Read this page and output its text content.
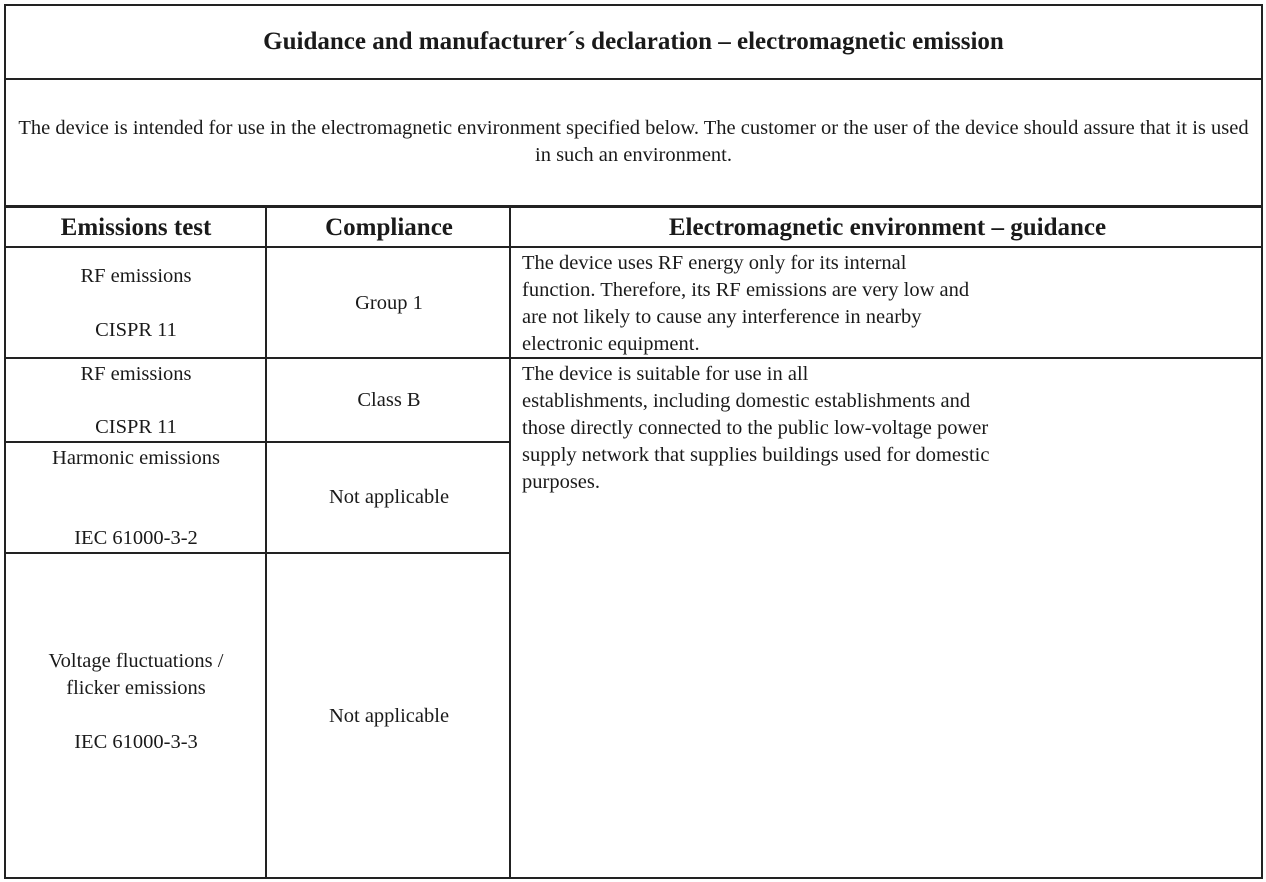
Guidance and manufacturer´s declaration – electromagnetic emission
The device is intended for use in the electromagnetic environment specified below. The customer or the user of the device should assure that it is used in such an environment.
Emissions test	Compliance	Electromagnetic environment – guidance
RF emissions
CISPR 11
Group 1
The device uses RF energy only for its internal
function. Therefore, its RF emissions are very low and
are not likely to cause any interference in nearby
electronic equipment.
RF emissions
CISPR 11
Class B
The device is suitable for use in all
establishments, including domestic establishments and
those directly connected to the public low-voltage power
supply network that supplies buildings used for domestic
purposes.
Harmonic emissions
IEC 61000-3-2
Not applicable
Voltage fluctuations /
flicker emissions
IEC 61000-3-3
Not applicable
